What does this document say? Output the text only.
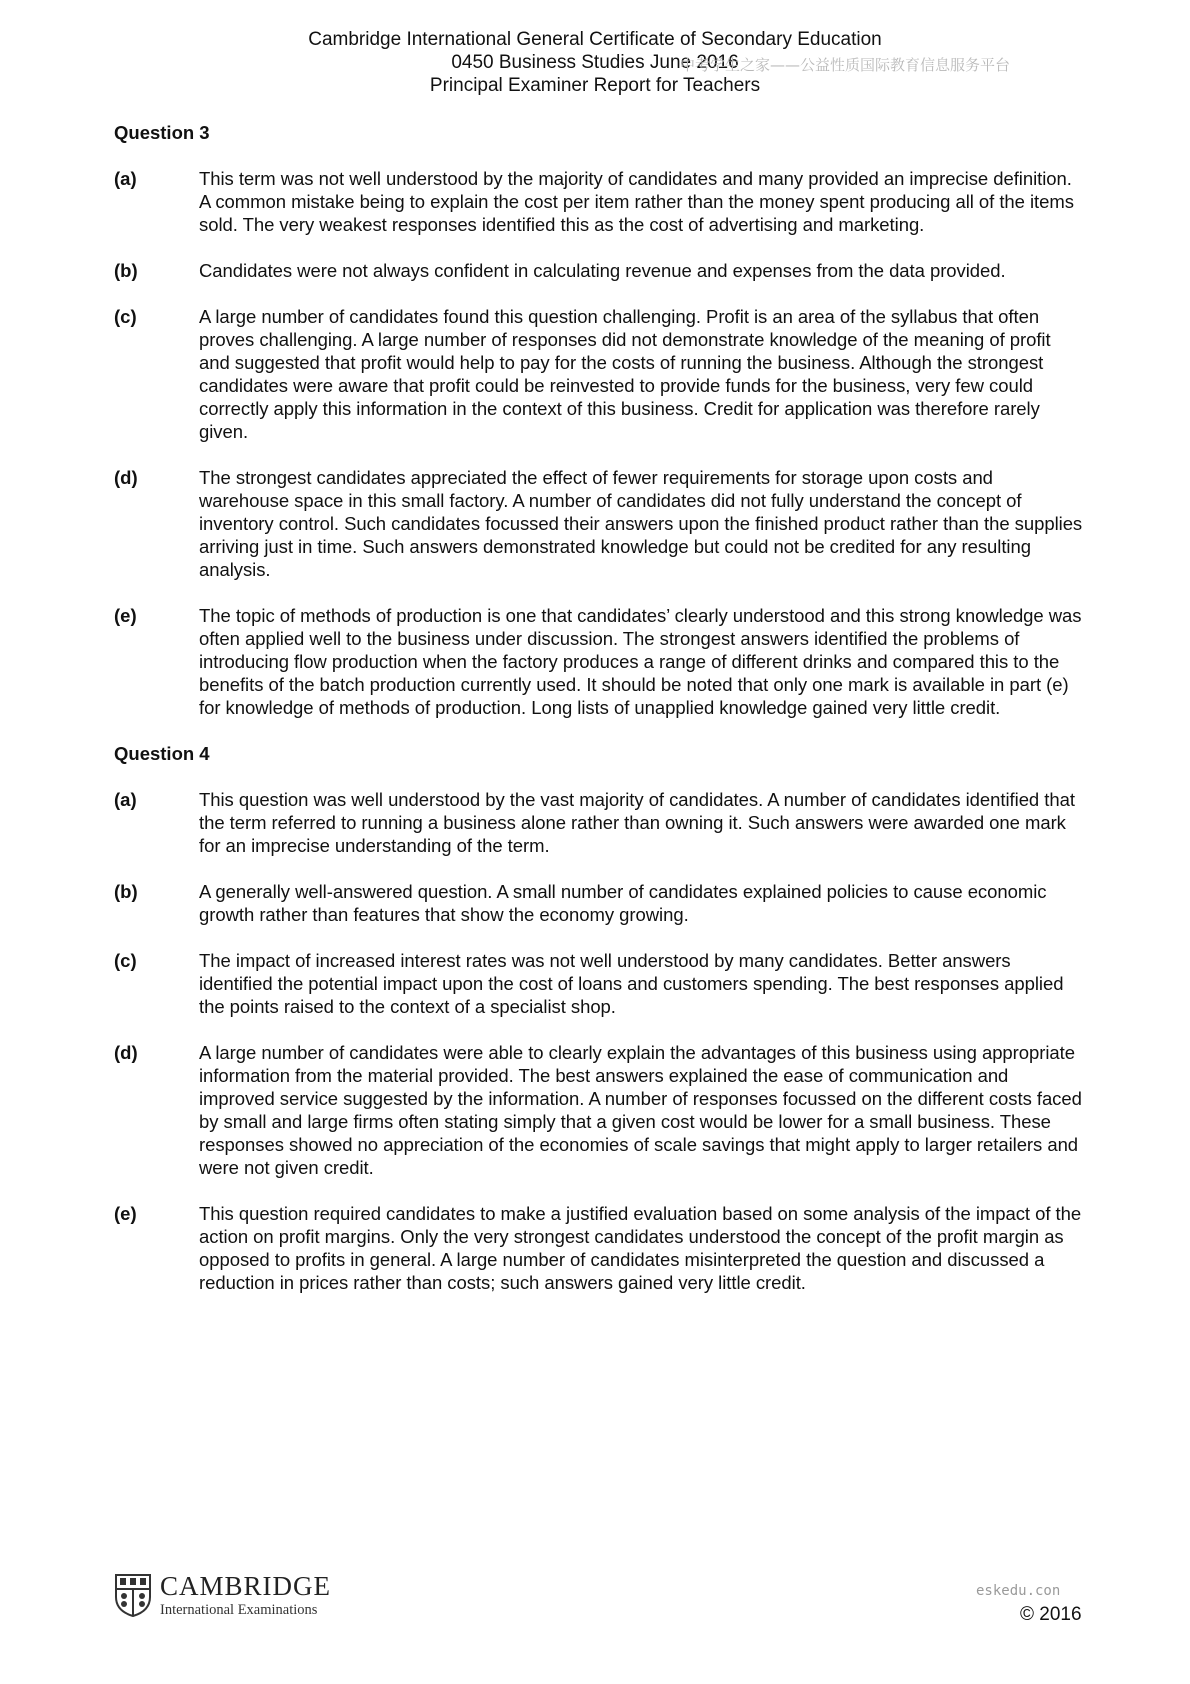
Cambridge International General Certificate of Secondary Education
0450 Business Studies June 2016
Principal Examiner Report for Teachers
中考学生之家——公益性质国际教育信息服务平台
Question 3
(a)	This term was not well understood by the majority of candidates and many provided an imprecise definition. A common mistake being to explain the cost per item rather than the money spent producing all of the items sold. The very weakest responses identified this as the cost of advertising and marketing.
(b)	Candidates were not always confident in calculating revenue and expenses from the data provided.
(c)	A large number of candidates found this question challenging. Profit is an area of the syllabus that often proves challenging. A large number of responses did not demonstrate knowledge of the meaning of profit and suggested that profit would help to pay for the costs of running the business. Although the strongest candidates were aware that profit could be reinvested to provide funds for the business, very few could correctly apply this information in the context of this business. Credit for application was therefore rarely given.
(d)	The strongest candidates appreciated the effect of fewer requirements for storage upon costs and warehouse space in this small factory. A number of candidates did not fully understand the concept of inventory control. Such candidates focussed their answers upon the finished product rather than the supplies arriving just in time. Such answers demonstrated knowledge but could not be credited for any resulting analysis.
(e)	The topic of methods of production is one that candidates’ clearly understood and this strong knowledge was often applied well to the business under discussion. The strongest answers identified the problems of introducing flow production when the factory produces a range of different drinks and compared this to the benefits of the batch production currently used. It should be noted that only one mark is available in part (e) for knowledge of methods of production. Long lists of unapplied knowledge gained very little credit.
Question 4
(a)	This question was well understood by the vast majority of candidates. A number of candidates identified that the term referred to running a business alone rather than owning it. Such answers were awarded one mark for an imprecise understanding of the term.
(b)	A generally well-answered question. A small number of candidates explained policies to cause economic growth rather than features that show the economy growing.
(c)	The impact of increased interest rates was not well understood by many candidates. Better answers identified the potential impact upon the cost of loans and customers spending. The best responses applied the points raised to the context of a specialist shop.
(d)	A large number of candidates were able to clearly explain the advantages of this business using appropriate information from the material provided. The best answers explained the ease of communication and improved service suggested by the information. A number of responses focussed on the different costs faced by small and large firms often stating simply that a given cost would be lower for a small business. These responses showed no appreciation of the economies of scale savings that might apply to larger retailers and were not given credit.
(e)	This question required candidates to make a justified evaluation based on some analysis of the impact of the action on profit margins. Only the very strongest candidates understood the concept of the profit margin as opposed to profits in general. A large number of candidates misinterpreted the question and discussed a reduction in prices rather than costs; such answers gained very little credit.
CAMBRIDGE
International Examinations
eskedu.con
© 2016
